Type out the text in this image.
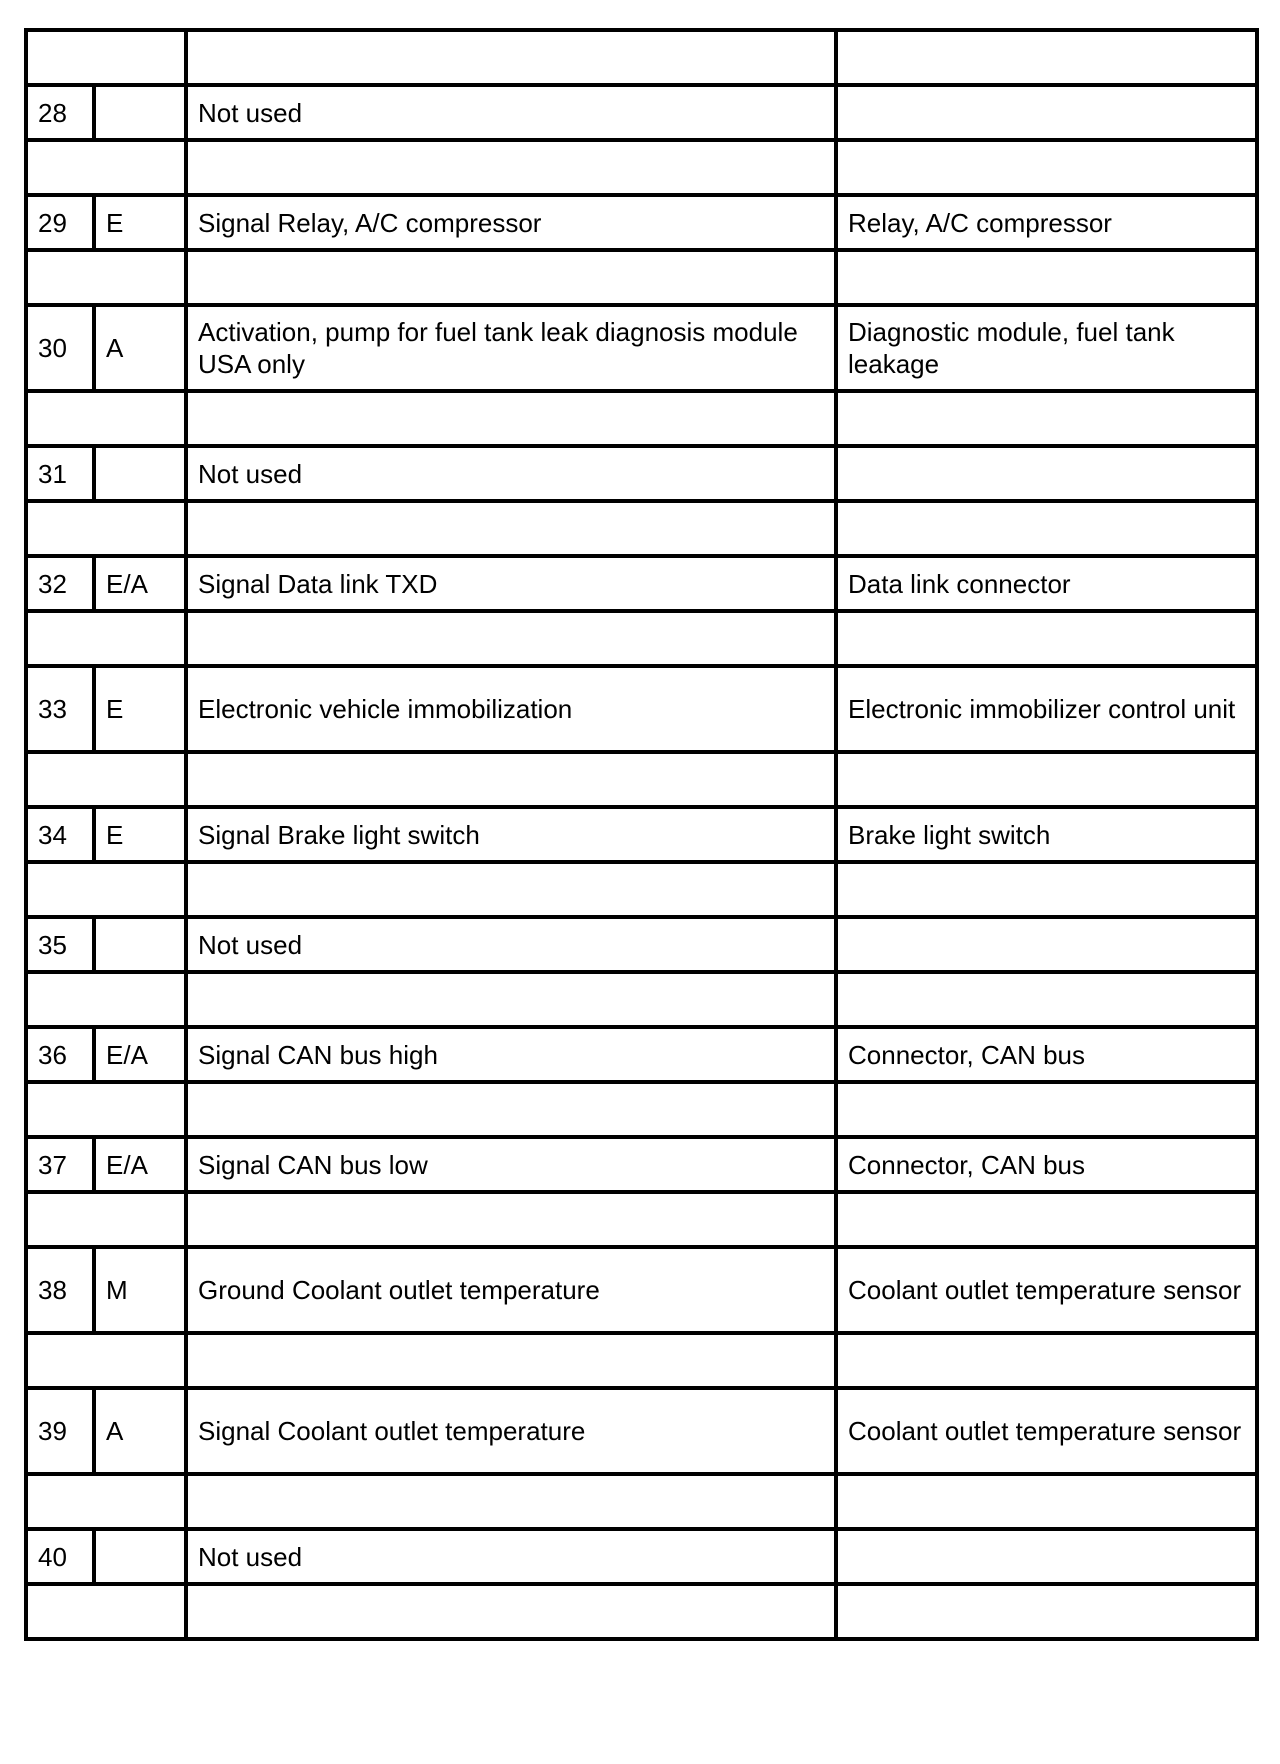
28		Not used	

29	E	Signal Relay, A/C compressor	Relay, A/C compressor

30	A	Activation, pump for fuel tank leak diagnosis module USA only	Diagnostic module, fuel tank leakage

31		Not used	

32	E/A	Signal Data link TXD	Data link connector

33	E	Electronic vehicle immobilization	Electronic immobilizer control unit

34	E	Signal Brake light switch	Brake light switch

35		Not used	

36	E/A	Signal CAN bus high	Connector, CAN bus

37	E/A	Signal CAN bus low	Connector, CAN bus

38	M	Ground Coolant outlet temperature	Coolant outlet temperature sensor

39	A	Signal Coolant outlet temperature	Coolant outlet temperature sensor

40		Not used	
